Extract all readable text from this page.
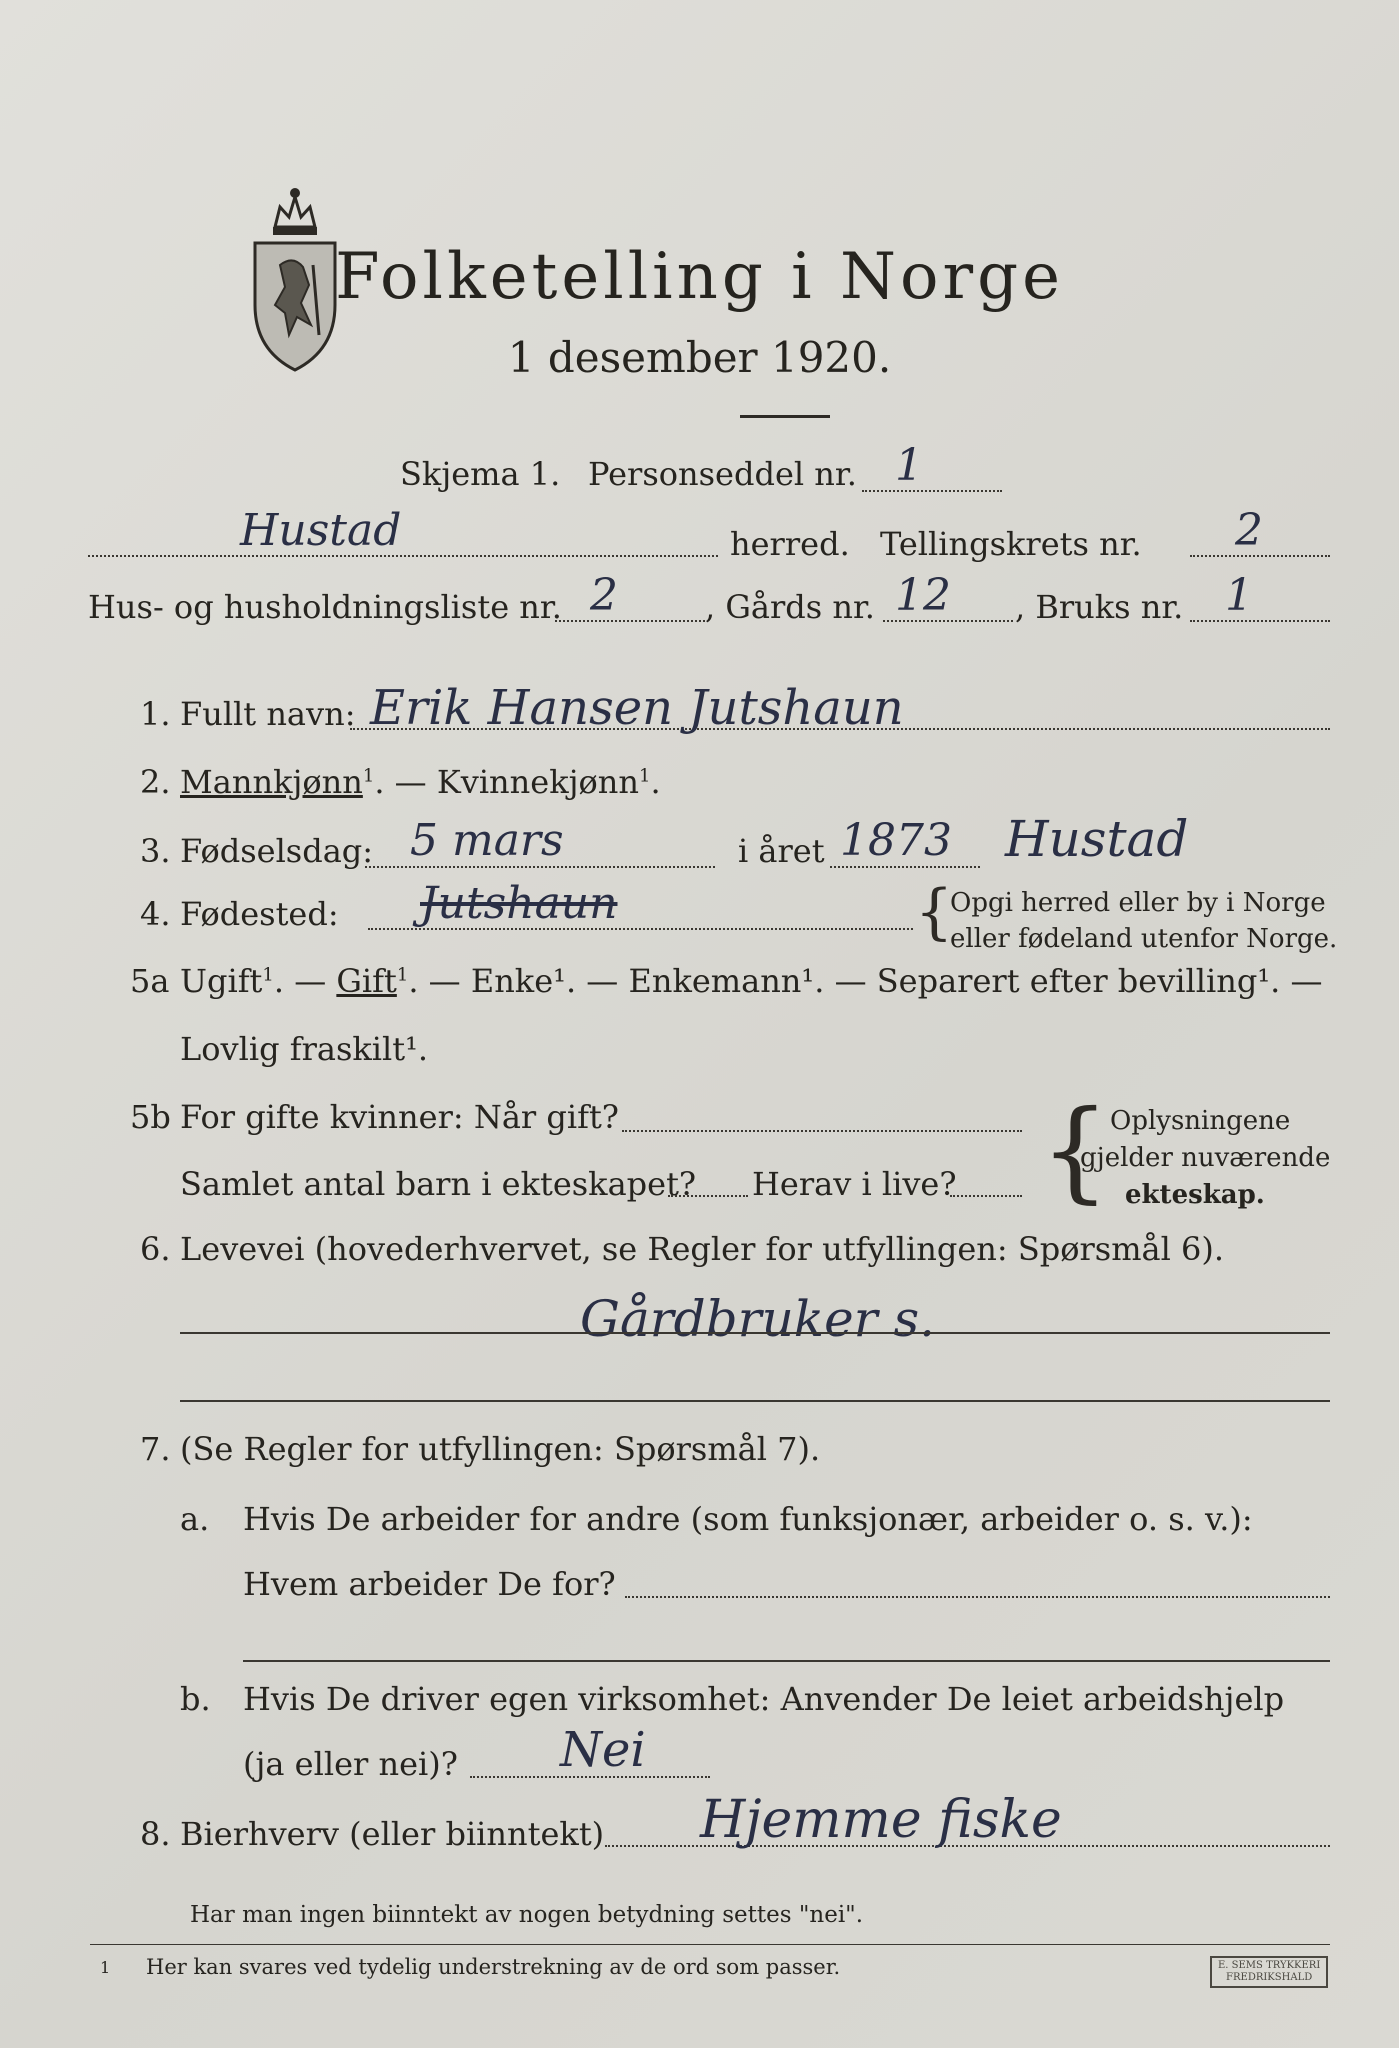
Folketelling i Norge
1 desember 1920.
Skjema 1. Personseddel nr. 1
Hustad	herred. Tellingskrets nr. 2
Hus- og husholdningsliste nr. 2	, Gårds nr. 12 , Bruks nr. 1
1. Fullt navn: Erik Hansen Jutshaun
2. Mannkjønn$^1$. — Kvinnekjønn$^1$.
3. Fødselsdag: 5 mars	i året 1873 Hustad
4. Fødested: Jutshaun	{
Opgi herred eller by i Norge
eller fødeland utenfor Norge.
5a Ugift$^1$. — Gift$^1$. — Enke¹. — Enkemann¹. — Separert efter bevilling¹. —
Lovlig fraskilt¹.
5b For gifte kvinner: Når gift?
Samlet antal barn i ekteskapet? Herav i live? { Oplysningene
gjelder nuværende
ekteskap.
6. Levevei (hovederhvervet, se Regler for utfyllingen: Spørsmål 6).
Gårdbruker s.
7. (Se Regler for utfyllingen: Spørsmål 7).
a. Hvis De arbeider for andre (som funksjonær, arbeider o. s. v.):
Hvem arbeider De for?
b. Hvis De driver egen virksomhet: Anvender De leiet arbeidshjelp
(ja eller nei)? Nei
8. Bierhverv (eller biinntekt) Hjemme fiske
Har man ingen biinntekt av nogen betydning settes "nei".
1 Her kan svares ved tydelig understrekning av de ord som passer.	E. SEMS TRYKKERI
FREDRIKSHALD
